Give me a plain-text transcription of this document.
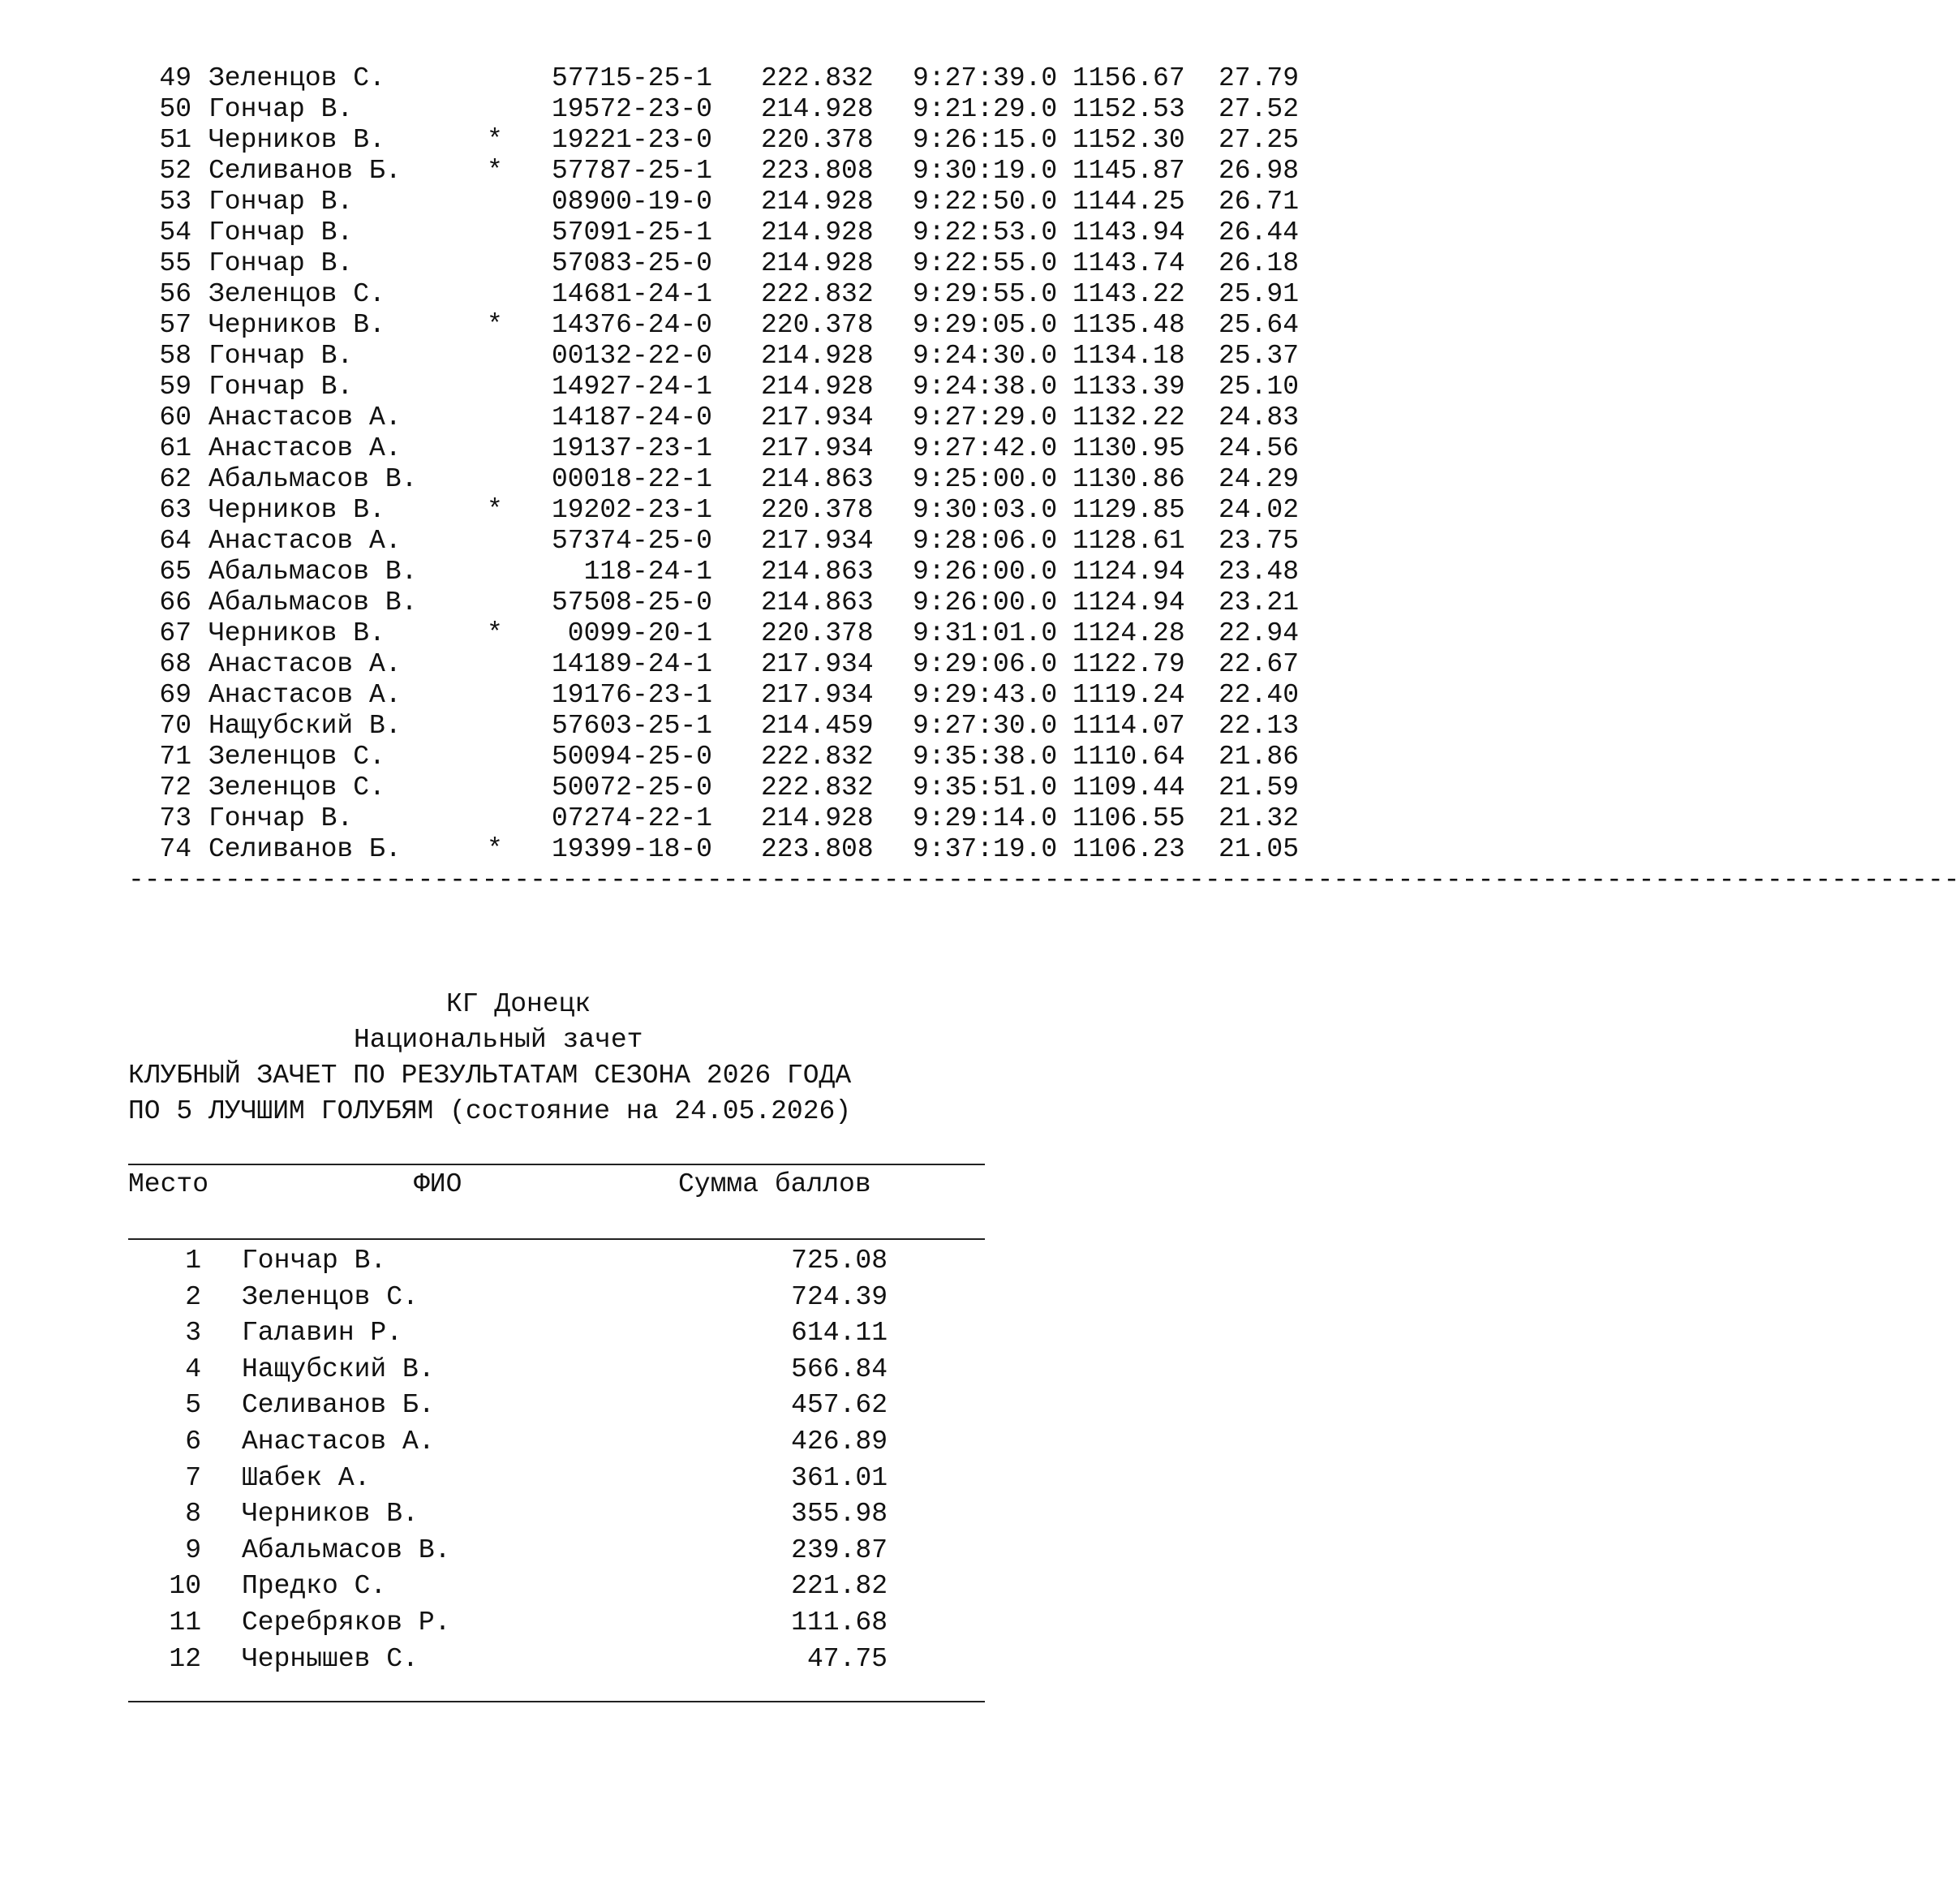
49 Зеленцов С.	57715-25-1 222.832 9:27:39.0 1156.67 27.79
50 Гончар В.	19572-23-0 214.928 9:21:29.0 1152.53 27.52
51 Черников В.	*	19221-23-0 220.378 9:26:15.0 1152.30 27.25
52 Селиванов Б.	*	57787-25-1 223.808 9:30:19.0 1145.87 26.98
53 Гончар В.	08900-19-0 214.928 9:22:50.0 1144.25 26.71
54 Гончар В.	57091-25-1 214.928 9:22:53.0 1143.94 26.44
55 Гончар В.	57083-25-0 214.928 9:22:55.0 1143.74 26.18
56 Зеленцов С.	14681-24-1 222.832 9:29:55.0 1143.22 25.91
57 Черников В.	*	14376-24-0 220.378 9:29:05.0 1135.48 25.64
58 Гончар В.	00132-22-0 214.928 9:24:30.0 1134.18 25.37
59 Гончар В.	14927-24-1 214.928 9:24:38.0 1133.39 25.10
60 Анастасов А.	14187-24-0 217.934 9:27:29.0 1132.22 24.83
61 Анастасов А.	19137-23-1 217.934 9:27:42.0 1130.95 24.56
62 Абальмасов В.	00018-22-1 214.863 9:25:00.0 1130.86 24.29
63 Черников В.	*	19202-23-1 220.378 9:30:03.0 1129.85 24.02
64 Анастасов А.	57374-25-0 217.934 9:28:06.0 1128.61 23.75
65 Абальмасов В.	118-24-1 214.863 9:26:00.0 1124.94 23.48
66 Абальмасов В.	57508-25-0 214.863 9:26:00.0 1124.94 23.21
67 Черников В.	*	0099-20-1 220.378 9:31:01.0 1124.28 22.94
68 Анастасов А.	14189-24-1 217.934 9:29:06.0 1122.79 22.67
69 Анастасов А.	19176-23-1 217.934 9:29:43.0 1119.24 22.40
70 Нащубский В.	57603-25-1 214.459 9:27:30.0 1114.07 22.13
71 Зеленцов С.	50094-25-0 222.832 9:35:38.0 1110.64 21.86
72 Зеленцов С.	50072-25-0 222.832 9:35:51.0 1109.44 21.59
73 Гончар В.	07274-22-1 214.928 9:29:14.0 1106.55 21.32
74 Селиванов Б.	*	19399-18-0 223.808 9:37:19.0 1106.23 21.05
------------------------------------------------------------------------------------------------------------------
КГ Донецк
Национальный зачет
КЛУБНЫЙ ЗАЧЕТ ПО РЕЗУЛЬТАТАМ СЕЗОНА 2026 ГОДА
ПО 5 ЛУЧШИМ ГОЛУБЯМ (состояние на 24.05.2026)
Место	ФИО	Сумма баллов
1 Гончар В.	725.08
2 Зеленцов С.	724.39
3 Галавин Р.	614.11
4 Нащубский В.	566.84
5 Селиванов Б.	457.62
6 Анастасов А.	426.89
7 Шабек А.	361.01
8 Черников В.	355.98
9 Абальмасов В.	239.87
10 Предко С.	221.82
11 Серебряков Р.	111.68
12 Чернышев С.	47.75
